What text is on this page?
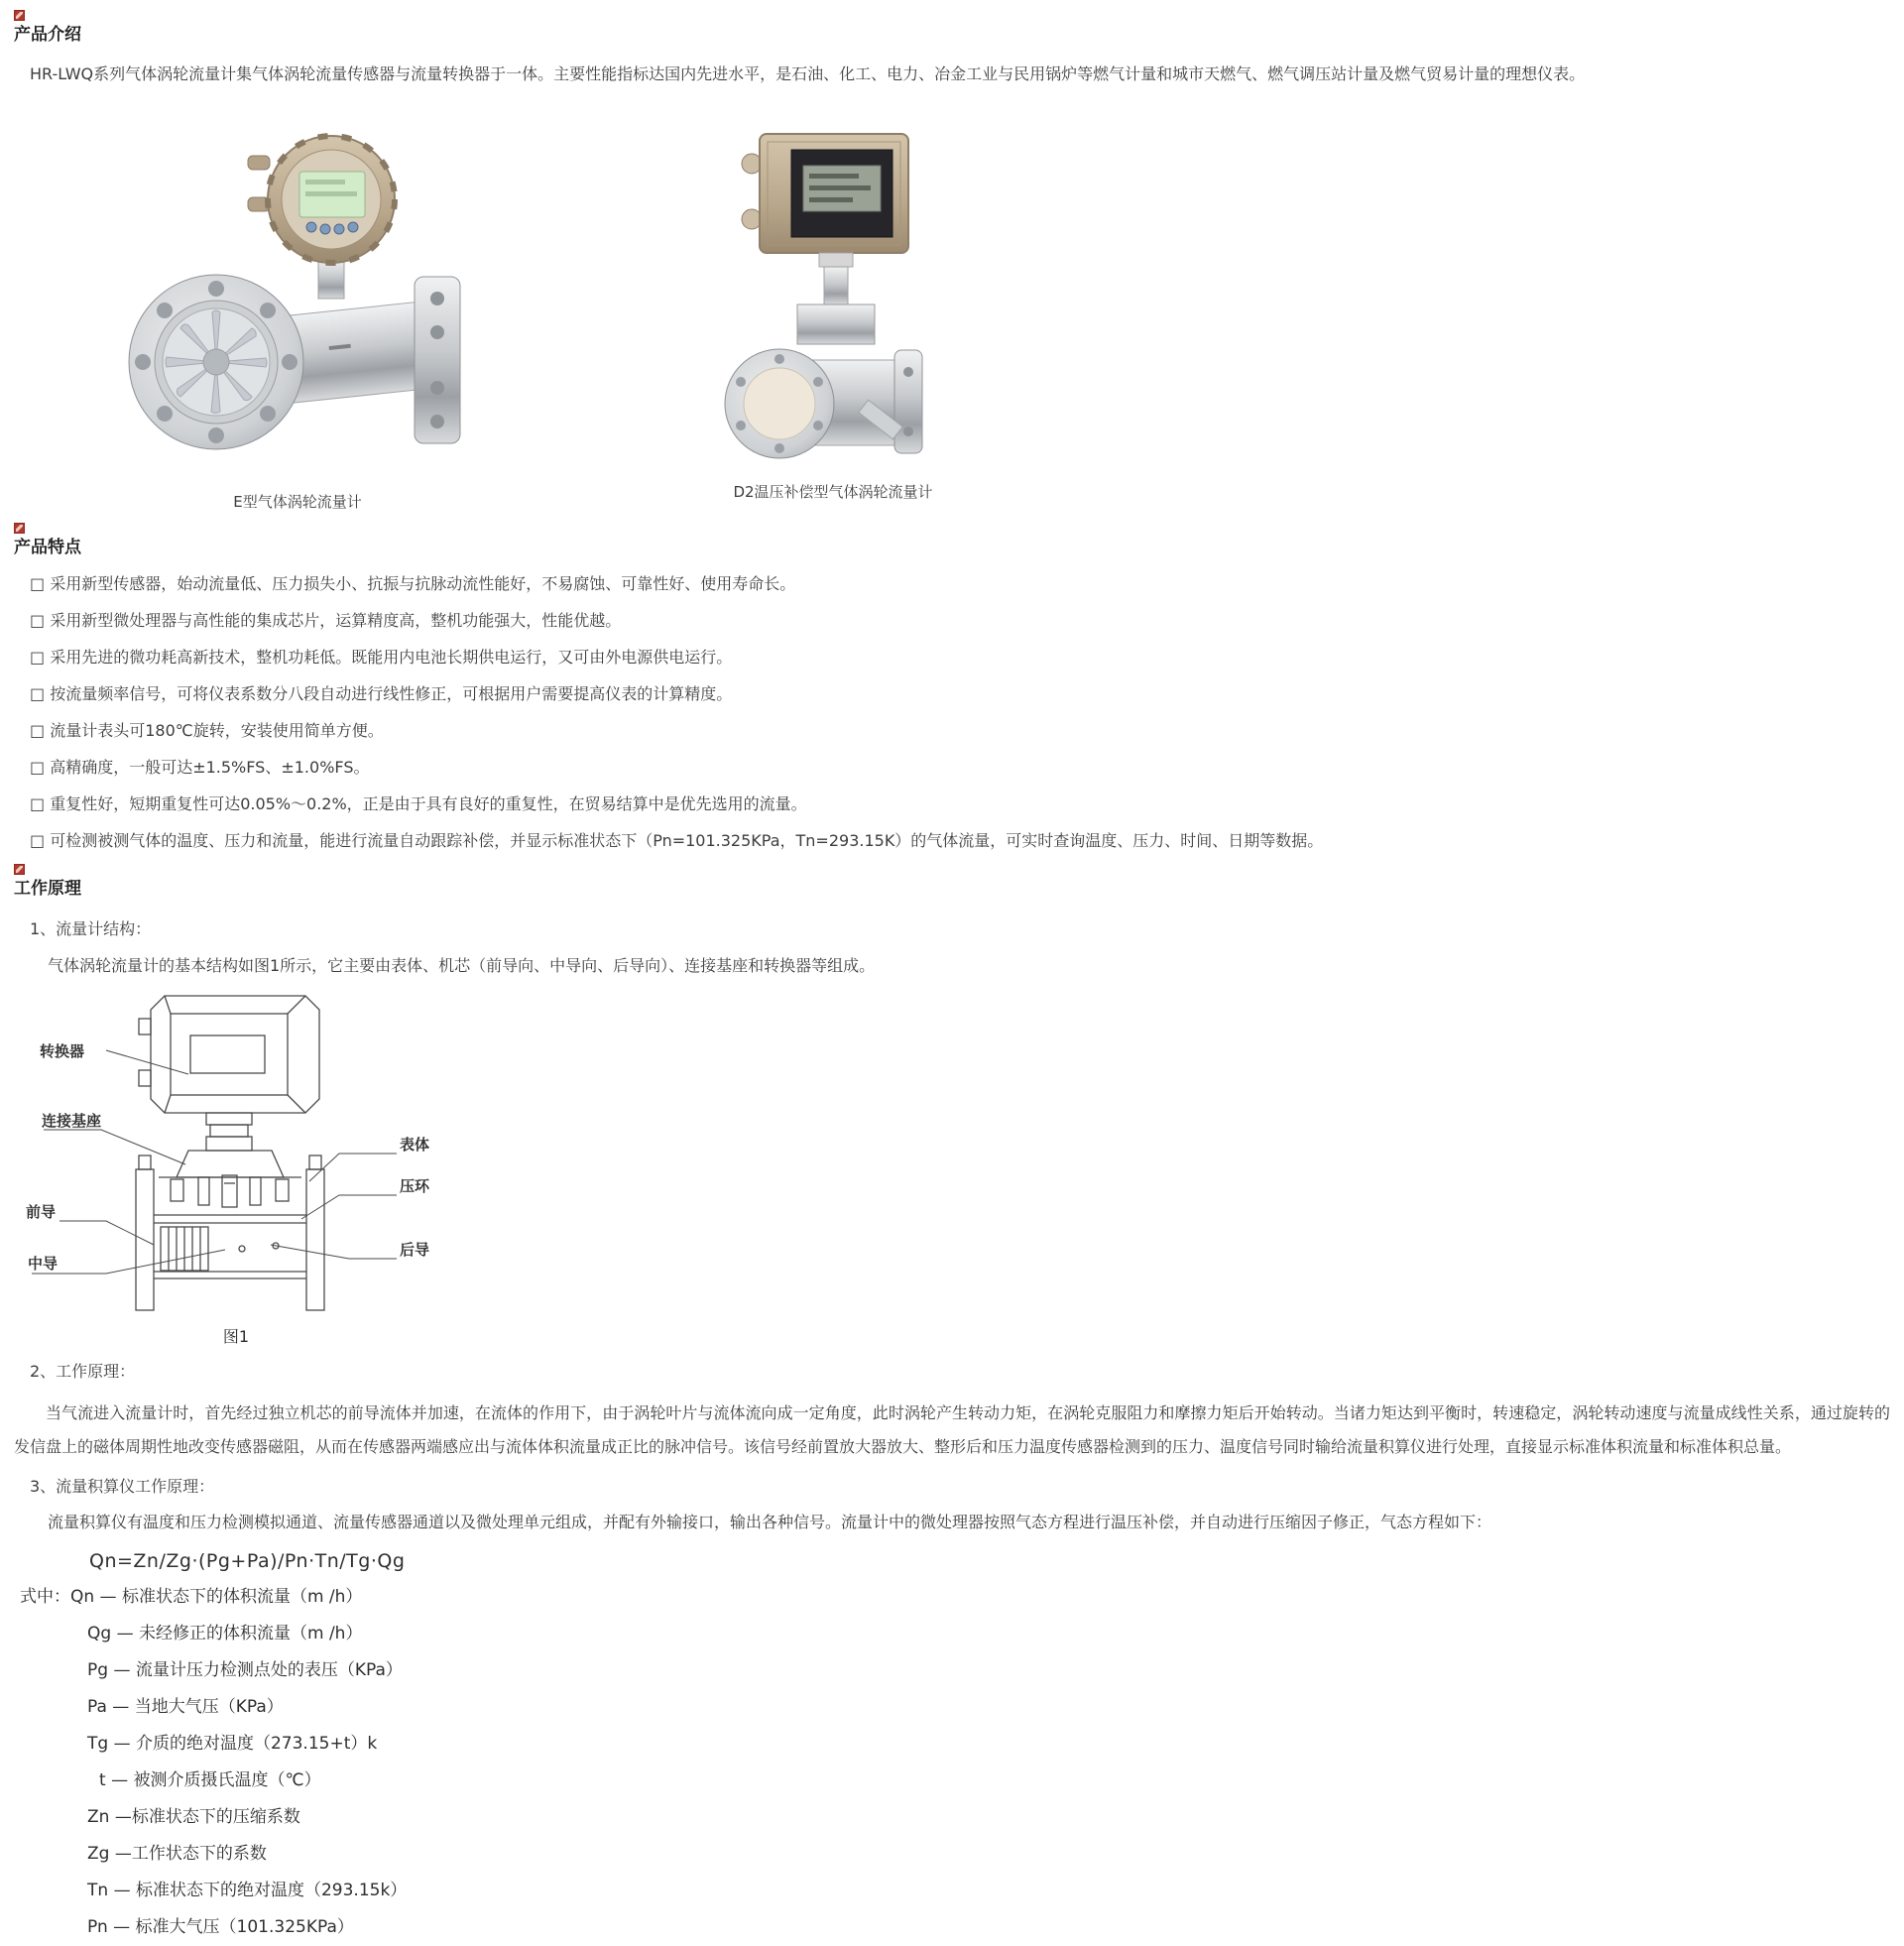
产品介绍

HR-LWQ系列气体涡轮流量计集气体涡轮流量传感器与流量转换器于一体。主要性能指标达国内先进水平，是石油、化工、电力、冶金工业与民用锅炉等燃气计量和城市天燃气、燃气调压站计量及燃气贸易计量的理想仪表。

E型气体涡轮流量计
D2温压补偿型气体涡轮流量计
产品特点
□ 采用新型传感器，始动流量低、压力损失小、抗振与抗脉动流性能好，不易腐蚀、可靠性好、使用寿命长。
□ 采用新型微处理器与高性能的集成芯片，运算精度高，整机功能强大，性能优越。
□ 采用先进的微功耗高新技术，整机功耗低。既能用内电池长期供电运行，又可由外电源供电运行。
□ 按流量频率信号，可将仪表系数分八段自动进行线性修正，可根据用户需要提高仪表的计算精度。
□ 流量计表头可180℃旋转，安装使用简单方便。
□ 高精确度，一般可达±1.5%FS、±1.0%FS。
□ 重复性好，短期重复性可达0.05%～0.2%，正是由于具有良好的重复性，在贸易结算中是优先选用的流量。
□ 可检测被测气体的温度、压力和流量，能进行流量自动跟踪补偿，并显示标准状态下（Pn=101.325KPa，Tn=293.15K）的气体流量，可实时查询温度、压力、时间、日期等数据。
工作原理
1、流量计结构：
气体涡轮流量计的基本结构如图1所示，它主要由表体、机芯（前导向、中导向、后导向）、连接基座和转换器等组成。
转换器
连接基座
表体
压环
前导
中导
后导
图1
2、工作原理：

当气流进入流量计时，首先经过独立机芯的前导流体并加速，在流体的作用下，由于涡轮叶片与流体流向成一定角度，此时涡轮产生转动力矩，在涡轮克服阻力和摩擦力矩后开始转动。当诸力矩达到平衡时，转速稳定，涡轮转动速度与流量成线性关系，通过旋转的发信盘上的磁体周期性地改变传感器磁阻，从而在传感器两端感应出与流体体积流量成正比的脉冲信号。该信号经前置放大器放大、整形后和压力温度传感器检测到的压力、温度信号同时输给流量积算仪进行处理，直接显示标准体积流量和标准体积总量。

3、流量积算仪工作原理：

流量积算仪有温度和压力检测模拟通道、流量传感器通道以及微处理单元组成，并配有外输接口，输出各种信号。流量计中的微处理器按照气态方程进行温压补偿，并自动进行压缩因子修正，气态方程如下：

Qn=Zn/Zg·(Pg+Pa)/Pn·Tn/Tg·Qg
式中：Qn — 标准状态下的体积流量（m /h）
Qg — 未经修正的体积流量（m /h）
Pg — 流量计压力检测点处的表压（KPa）
Pa — 当地大气压（KPa）
Tg — 介质的绝对温度（273.15+t）k
t — 被测介质摄氏温度（℃）
Zn —标准状态下的压缩系数
Zg —工作状态下的系数
Tn — 标准状态下的绝对温度（293.15k）
Pn — 标准大气压（101.325KPa）
